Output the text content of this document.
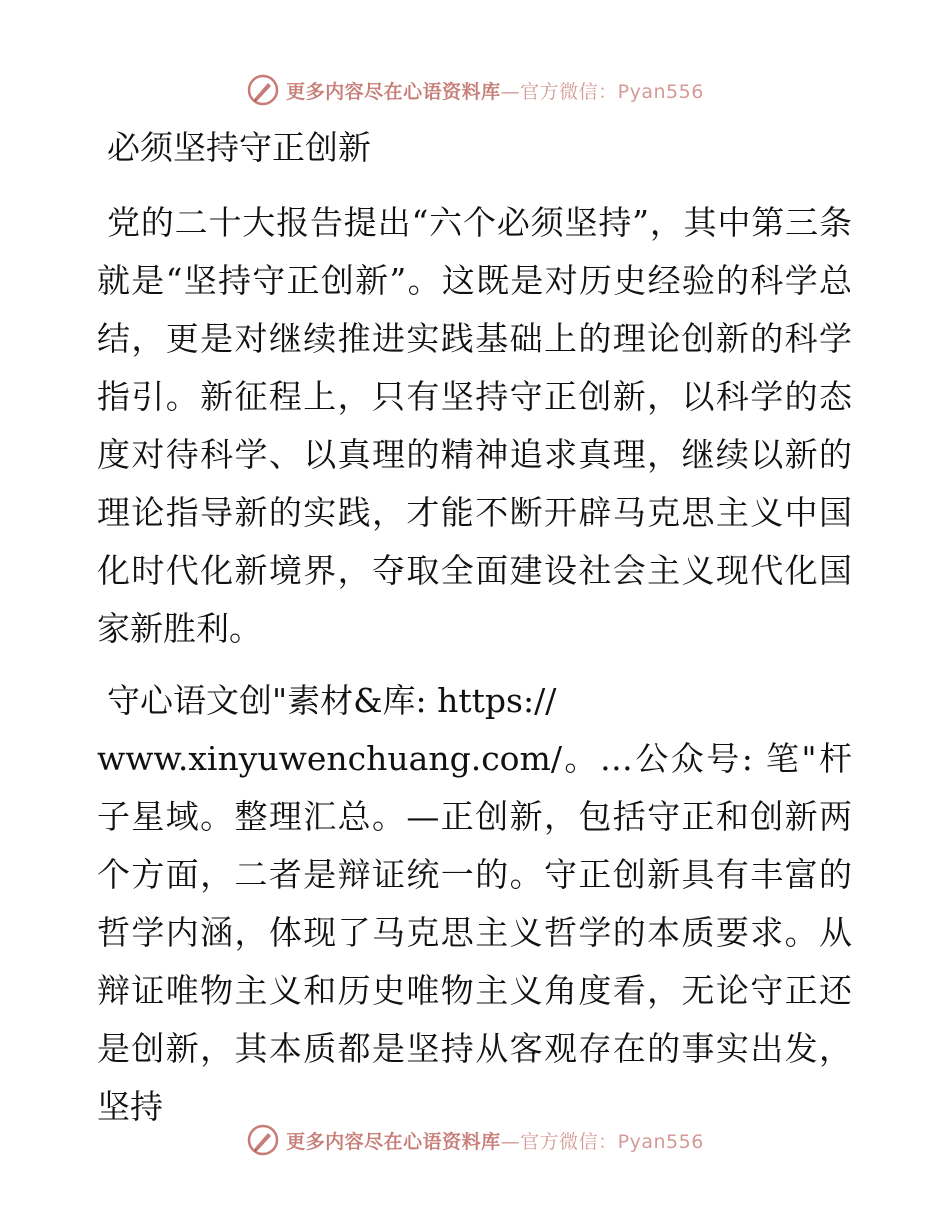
更多内容尽在心语资料库—官方微信：Pyan556
必须坚持守正创新

党的二十大报告提出“六个必须坚持”，其中第三条就是“坚持守正创新”。这既是对历史经验的科学总结，更是对继续推进实践基础上的理论创新的科学指引。新征程上，只有坚持守正创新，以科学的态度对待科学、以真理的精神追求真理，继续以新的理论指导新的实践，才能不断开辟马克思主义中国化时代化新境界，夺取全面建设社会主义现代化国家新胜利。

守心语文创"素材&库: https://
www.xinyuwenchuang.com/。…公众号: 笔"杆子星域。整理汇总。—正创新，包括守正和创新两个方面，二者是辩证统一的。守正创新具有丰富的哲学内涵，体现了马克思主义哲学的本质要求。从辩证唯物主义和历史唯物主义角度看，无论守正还是创新，其本质都是坚持从客观存在的事实出发，坚持

更多内容尽在心语资料库—官方微信：Pyan556
